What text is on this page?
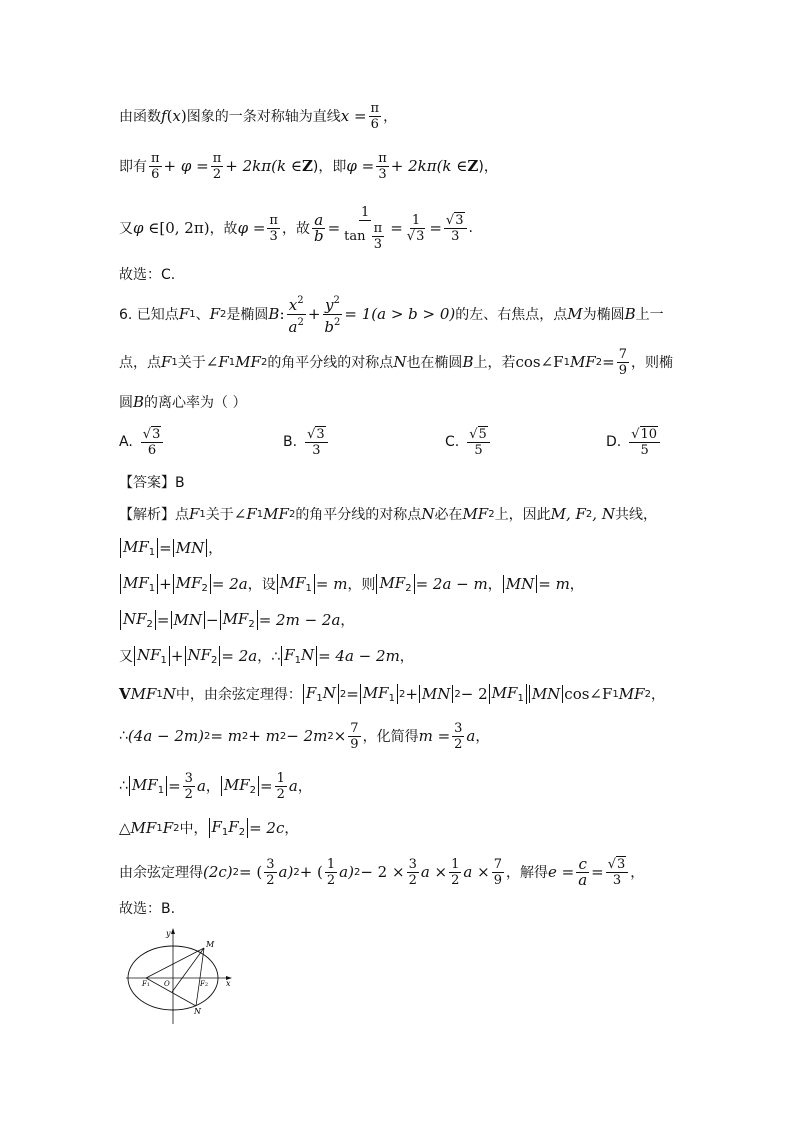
由函数 f ( x ) 图象的一条对称轴为直线 $x = \frac{\pi}{6}$ ，
即有 $\frac{\pi}{6} + \varphi = \frac{\pi}{2} + 2k\pi$ (k ∈ Z )，即 $\varphi = \frac{\pi}{3} + 2k\pi$ (k ∈ Z )，
又 φ ∈ [0, 2π) ，故 $\varphi = \frac{\pi}{3}$ ，故 $\frac{a}{b} = \frac{1}{\tan \frac{\pi}{3}} = \frac{1}{√3} = \frac{√3}{3}$ .
故选：C.
6. 已知点 F 1 、 F 2 是椭圆 B : $\frac{x^2}{a^2} + \frac{y^2}{b^2} = 1(a > b > 0)$ 的左、右焦点，点 M 为椭圆 B 上一
点，点 F 1 关于 ∠F 1 MF 2 的角平分线的对称点 N 也在椭圆 B 上，若 cos∠F 1 MF $2 = \frac{7}{9}$ ，则椭
圆 B 的离心率为（ ）
A. $\frac{√3}{6}$	B. $\frac{√3}{3}$	C. $\frac{√5}{5}$	D. $\frac{√10}{5}$
【答案】B
【解析】点 F 1 关于 ∠F 1 MF 2 的角平分线的对称点 N 必在 MF 2 上，因此 M, F 2 , N 共线，
$MF_1$ = MN ，
$MF_1 + MF_2 = 2a$ ，设 $MF_1 = m$ ，则 $MF_2 = 2a - m$ ， MN = m ，
$NF_2$ = MN − $MF_2 = 2m - 2a$ ，
又 $NF_1 + NF_2 = 2a$ ，∴ $F_1N = 4a - 2m$ ，
V MF 1 N 中，由余弦定理得： $F_1N$ $2 = MF_1$ 2 + MN 2 − 2 $MF_1$ MN cos∠F 1 MF 2 ，
∴ (4a − 2m) 2 = m 2 + m 2 − 2m $2 \times \frac{7}{9}$ ，化简得 $m = \frac{3}{2}$ a ，
∴ $MF_1 = \frac{3}{2}$ a ， $MF_2 = \frac{1}{2}$ a ，
△ MF 1 F 2 中， $F_1F_2 = 2c$ ，
由余弦定理得 (2c) 2 = ( $\frac{3}{2} a$) 2 + ( $\frac{1}{2} a$) $2 - 2 \times \frac{3}{2}$ $a \times \frac{1}{2}$ $a \times \frac{7}{9}$ ，解得 $e = \frac{c}{a} = \frac{√3}{3}$ ，
故选：B.
y
M
F1 O	F2 x
N
